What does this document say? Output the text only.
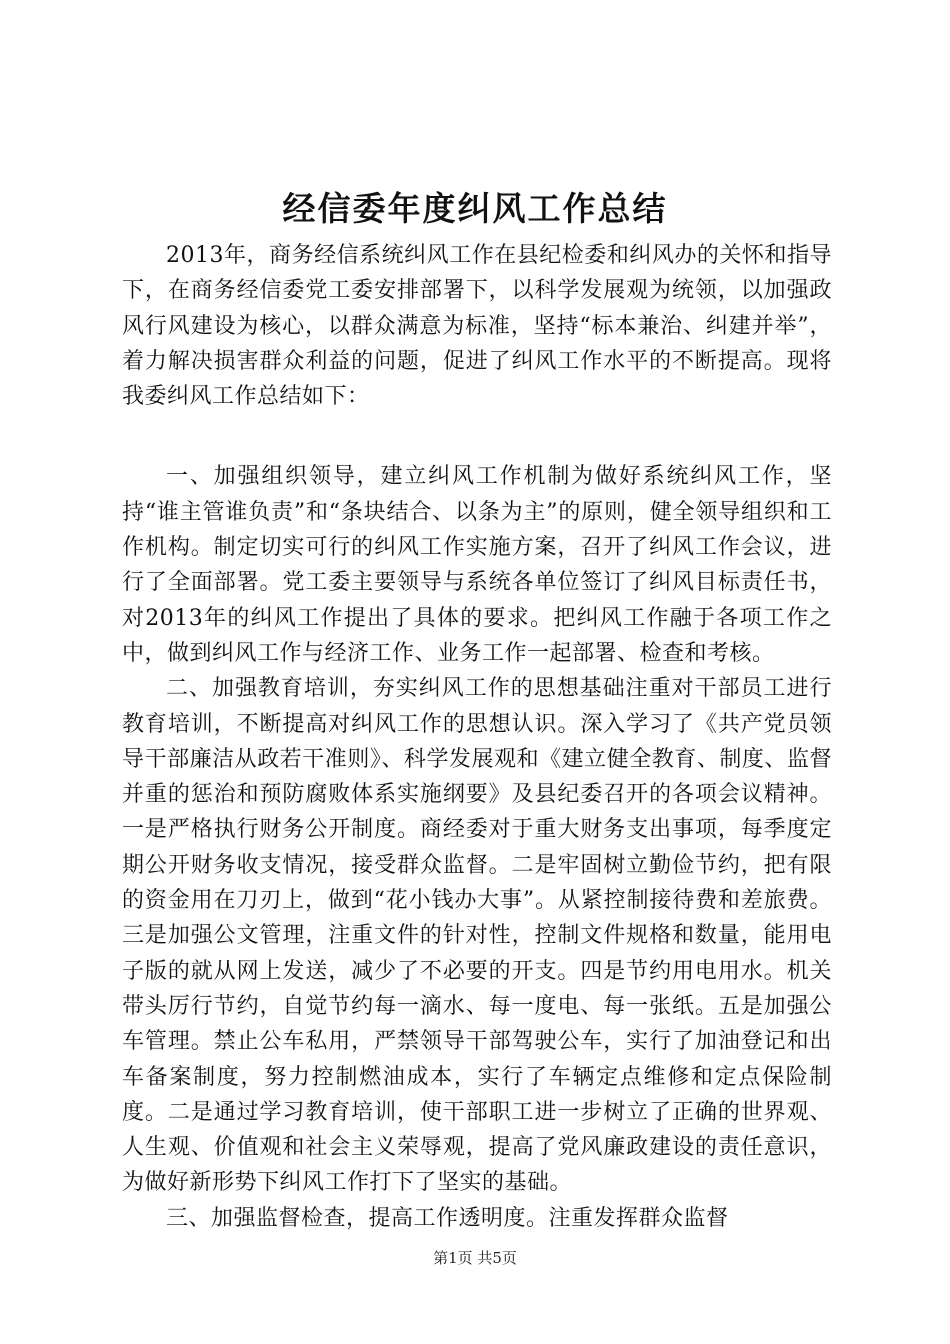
经信委年度纠风工作总结

2013年，商务经信系统纠风工作在县纪检委和纠风办的关怀和指导下，在商务经信委党工委安排部署下，以科学发展观为统领，以加强政风行风建设为核心，以群众满意为标准，坚持“标本兼治、纠建并举”，着力解决损害群众利益的问题，促进了纠风工作水平的不断提高。现将我委纠风工作总结如下：

一、加强组织领导，建立纠风工作机制为做好系统纠风工作，坚持“谁主管谁负责”和“条块结合、以条为主”的原则，健全领导组织和工作机构。制定切实可行的纠风工作实施方案，召开了纠风工作会议，进行了全面部署。党工委主要领导与系统各单位签订了纠风目标责任书，对2013年的纠风工作提出了具体的要求。把纠风工作融于各项工作之中，做到纠风工作与经济工作、业务工作一起部署、检查和考核。

二、加强教育培训，夯实纠风工作的思想基础注重对干部员工进行教育培训，不断提高对纠风工作的思想认识。深入学习了《共产党员领导干部廉洁从政若干准则》、科学发展观和《建立健全教育、制度、监督并重的惩治和预防腐败体系实施纲要》及县纪委召开的各项会议精神。一是严格执行财务公开制度。商经委对于重大财务支出事项，每季度定期公开财务收支情况，接受群众监督。二是牢固树立勤俭节约，把有限的资金用在刀刃上，做到“花小钱办大事”。从紧控制接待费和差旅费。三是加强公文管理，注重文件的针对性，控制文件规格和数量，能用电子版的就从网上发送，减少了不必要的开支。四是节约用电用水。机关带头厉行节约，自觉节约每一滴水、每一度电、每一张纸。五是加强公车管理。禁止公车私用，严禁领导干部驾驶公车，实行了加油登记和出车备案制度，努力控制燃油成本，实行了车辆定点维修和定点保险制度。二是通过学习教育培训，使干部职工进一步树立了正确的世界观、人生观、价值观和社会主义荣辱观，提高了党风廉政建设的责任意识，为做好新形势下纠风工作打下了坚实的基础。

三、加强监督检查，提高工作透明度。注重发挥群众监督

第1页 共5页
